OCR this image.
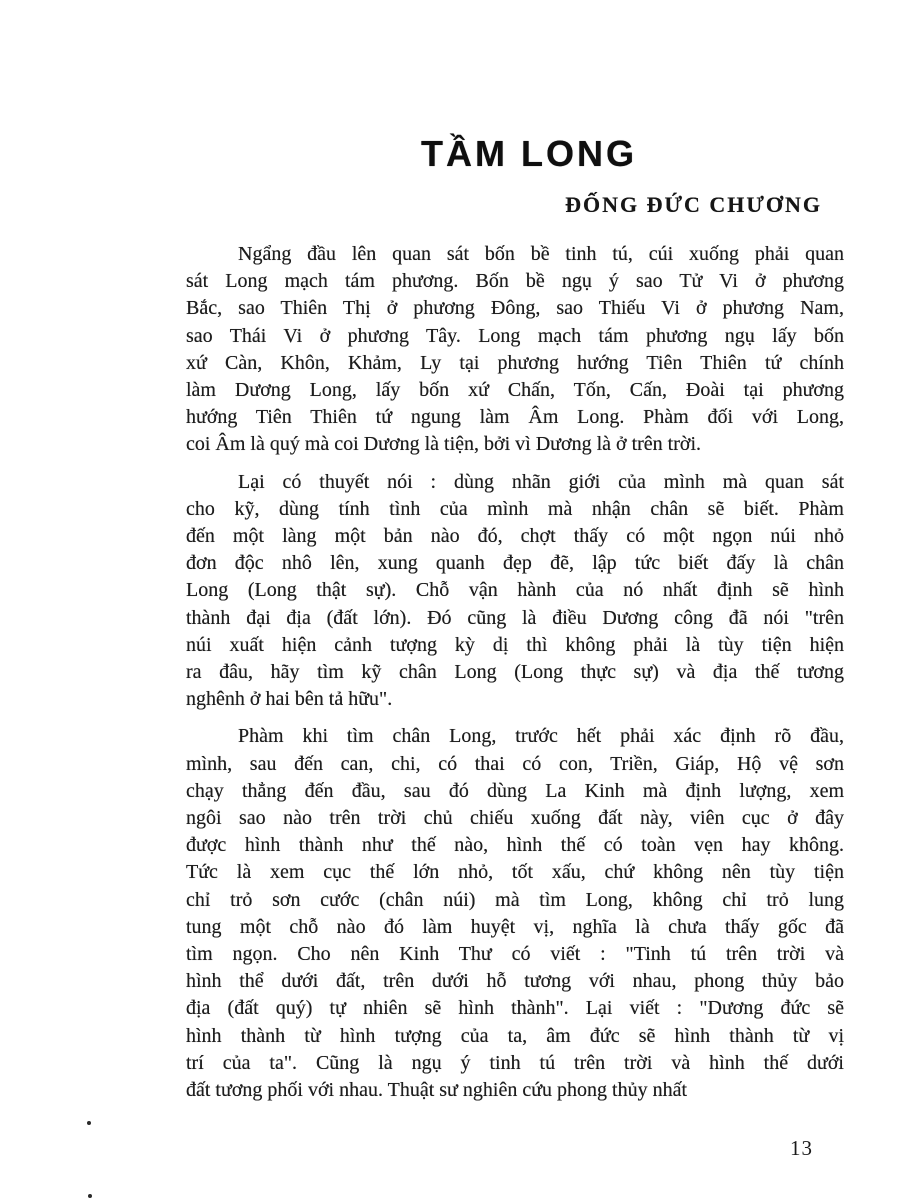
TẦM LONG
ĐỐNG ĐỨC CHƯƠNG

Ngẩng đầu lên quan sát bốn bề tinh tú, cúi xuống phải quan
sát Long mạch tám phương. Bốn bề ngụ ý sao Tử Vi ở phương
Bắc, sao Thiên Thị ở phương Đông, sao Thiếu Vi ở phương Nam,
sao Thái Vi ở phương Tây. Long mạch tám phương ngụ lấy bốn
xứ Càn, Khôn, Khảm, Ly tại phương hướng Tiên Thiên tứ chính
làm Dương Long, lấy bốn xứ Chấn, Tốn, Cấn, Đoài tại phương
hướng Tiên Thiên tứ ngung làm Âm Long. Phàm đối với Long,
coi Âm là quý mà coi Dương là tiện, bởi vì Dương là ở trên trời.

Lại có thuyết nói : dùng nhãn giới của mình mà quan sát
cho kỹ, dùng tính tình của mình mà nhận chân sẽ biết. Phàm
đến một làng một bản nào đó, chợt thấy có một ngọn núi nhỏ
đơn độc nhô lên, xung quanh đẹp đẽ, lập tức biết đấy là chân
Long (Long thật sự). Chỗ vận hành của nó nhất định sẽ hình
thành đại địa (đất lớn). Đó cũng là điều Dương công đã nói "trên
núi xuất hiện cảnh tượng kỳ dị thì không phải là tùy tiện hiện
ra đâu, hãy tìm kỹ chân Long (Long thực sự) và địa thế tương
nghênh ở hai bên tả hữu".

Phàm khi tìm chân Long, trước hết phải xác định rõ đầu,
mình, sau đến can, chi, có thai có con, Triền, Giáp, Hộ vệ sơn
chạy thẳng đến đầu, sau đó dùng La Kinh mà định lượng, xem
ngôi sao nào trên trời chủ chiếu xuống đất này, viên cục ở đây
được hình thành như thế nào, hình thế có toàn vẹn hay không.
Tức là xem cục thế lớn nhỏ, tốt xấu, chứ không nên tùy tiện
chỉ trỏ sơn cước (chân núi) mà tìm Long, không chỉ trỏ lung
tung một chỗ nào đó làm huyệt vị, nghĩa là chưa thấy gốc đã
tìm ngọn. Cho nên Kinh Thư có viết : "Tinh tú trên trời và
hình thể dưới đất, trên dưới hỗ tương với nhau, phong thủy bảo
địa (đất quý) tự nhiên sẽ hình thành". Lại viết : "Dương đức sẽ
hình thành từ hình tượng của ta, âm đức sẽ hình thành từ vị
trí của ta". Cũng là ngụ ý tinh tú trên trời và hình thế dưới
đất tương phối với nhau. Thuật sư nghiên cứu phong thủy nhất

13
